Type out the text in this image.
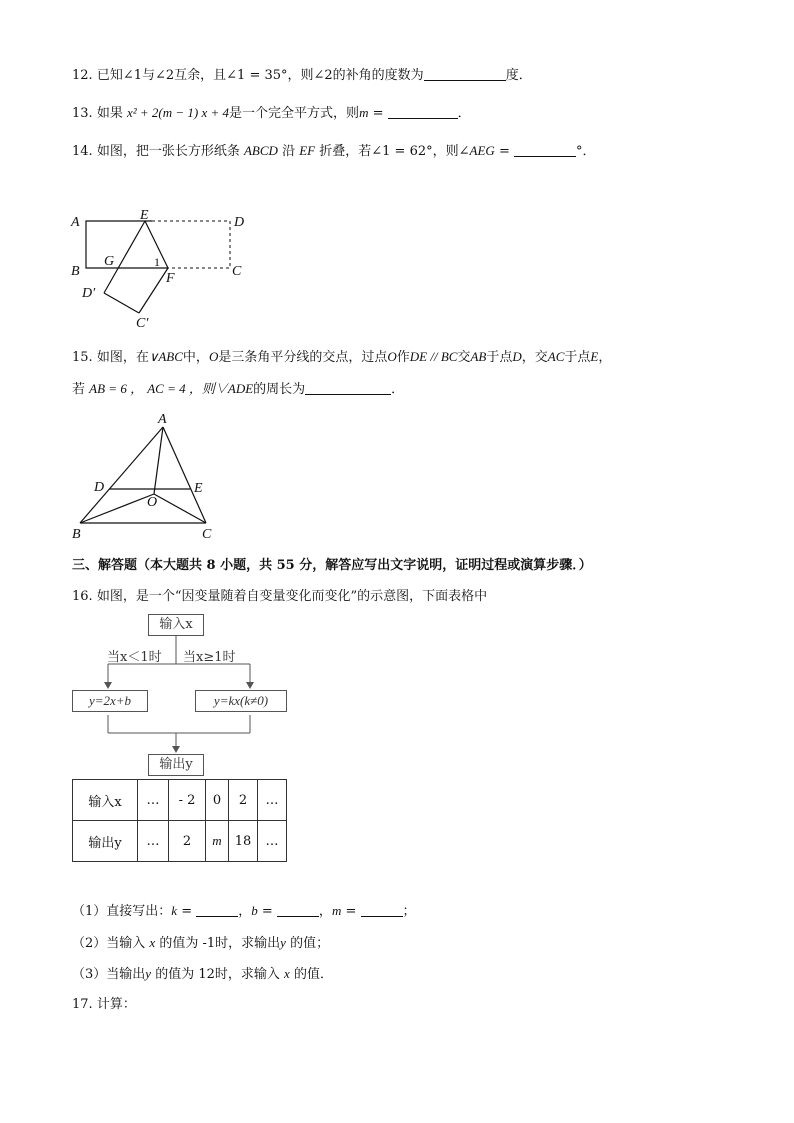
12. 已知∠1与∠2互余，且∠1 = 35°，则∠2的补角的度数为	度．
13. 如果 x² + 2(m − 1) x + 4是一个完全平方式，则m =	．
14. 如图，把一张长方形纸条 ABCD 沿 EF 折叠，若∠1 = 62°，则∠AEG =	°．
A	E	D
B
G	1
F	C
D′
C′
15. 如图，在∨ABC中，O是三条角平分线的交点，过点O作DE // BC交AB于点D，交AC于点E，
若 AB = 6 ， AC = 4 ，则∨ADE的周长为	．
A
D	E
O
B	C
三、解答题（本大题共 8 小题，共 55 分，解答应写出文字说明，证明过程或演算步骤．）
16. 如图，是一个“因变量随着自变量变化而变化”的示意图，下面表格中
输入x
当x＜1时 当x≥1时
y=2x+b	y=kx(k≠0)
输出y
输入x	…	- 2	0	2	…
输出y	…	2	m	18	…
（1）直接写出：k =	，b =	，m =	；
（2）当输入 x 的值为 -1时，求输出y 的值；
（3）当输出y 的值为 12时，求输入 x 的值．
17. 计算：
